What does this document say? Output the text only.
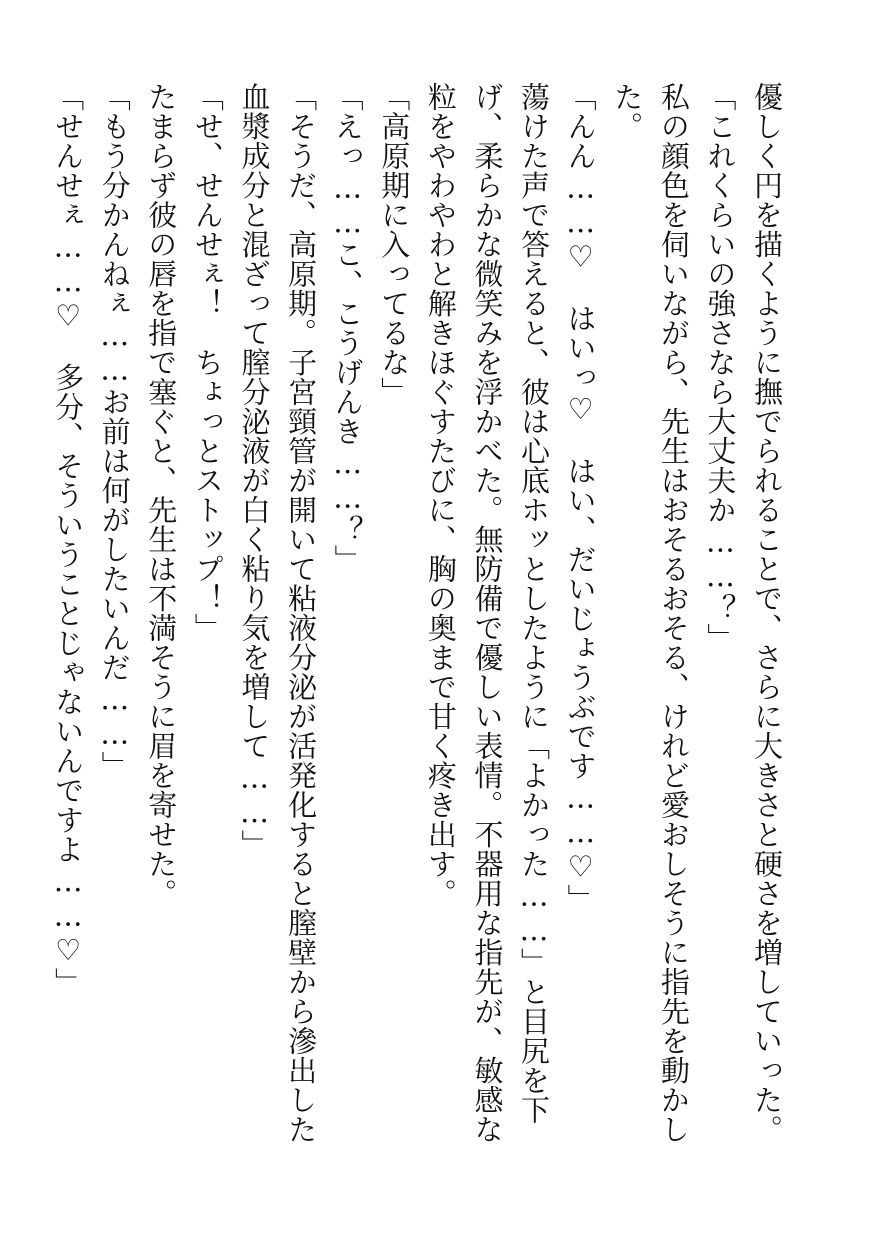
優しく円を描くように撫でられることで、さらに大きさと硬さを増していった。

「これくらいの強さなら大丈夫か……？」

私の顔色を伺いながら、先生はおそるおそる、けれど愛おしそうに指先を動かした。

「んん……♡　はいっ♡　はい、だいじょうぶです……♡」

蕩けた声で答えると、彼は心底ホッとしたように「よかった……」と目尻を下げ、柔らかな微笑みを浮かべた。無防備で優しい表情。不器用な指先が、敏感な粒をやわやわと解きほぐすたびに、胸の奥まで甘く疼き出す。

「高原期に入ってるな」

「えっ……こ、こうげんき……？」

「そうだ、高原期。子宮頸管が開いて粘液分泌が活発化すると膣壁から滲出した血漿成分と混ざって膣分泌液が白く粘り気を増して……」

「せ、せんせぇ！　ちょっとストップ！」

たまらず彼の唇を指で塞ぐと、先生は不満そうに眉を寄せた。

「もう分かんねぇ……お前は何がしたいんだ……」

「せんせぇ……♡　多分、そういうことじゃないんですよ……♡」
